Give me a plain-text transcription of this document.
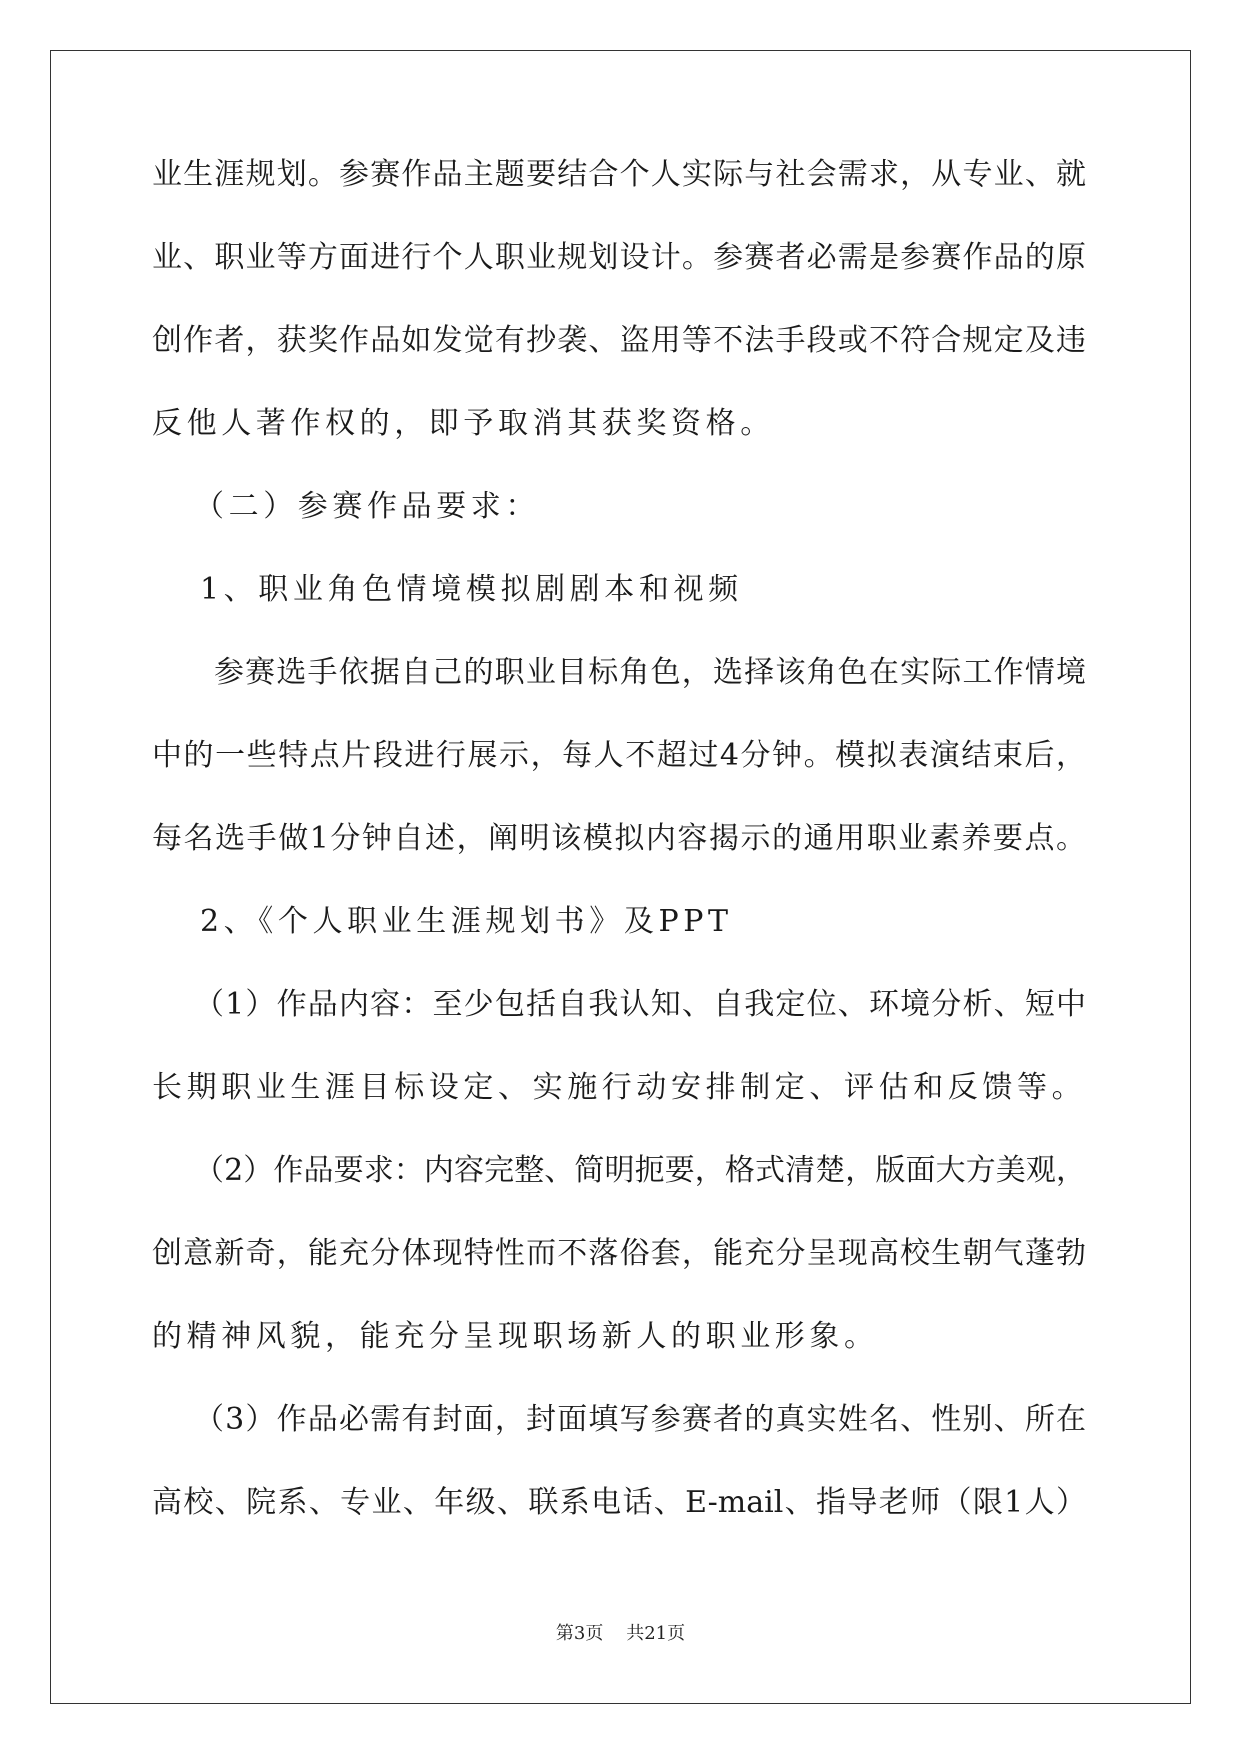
业生涯规划。参赛作品主题要结合个人实际与社会需求，从专业、就
业、职业等方面进行个人职业规划设计。参赛者必需是参赛作品的原
创作者，获奖作品如发觉有抄袭、盗用等不法手段或不符合规定及违
反他人著作权的，即予取消其获奖资格。
（二）参赛作品要求：
1、职业角色情境模拟剧剧本和视频
参赛选手依据自己的职业目标角色，选择该角色在实际工作情境
中的一些特点片段进行展示，每人不超过4分钟。模拟表演结束后，
每名选手做1分钟自述，阐明该模拟内容揭示的通用职业素养要点。
2、《个人职业生涯规划书》及PPT
（1）作品内容：至少包括自我认知、自我定位、环境分析、短中
长期职业生涯目标设定、实施行动安排制定、评估和反馈等。
（2）作品要求：内容完整、简明扼要，格式清楚，版面大方美观，
创意新奇，能充分体现特性而不落俗套，能充分呈现高校生朝气蓬勃
的精神风貌，能充分呈现职场新人的职业形象。
（3）作品必需有封面，封面填写参赛者的真实姓名、性别、所在
高校、院系、专业、年级、联系电话、E-mail、指导老师（限1人）
第3页 共21页
